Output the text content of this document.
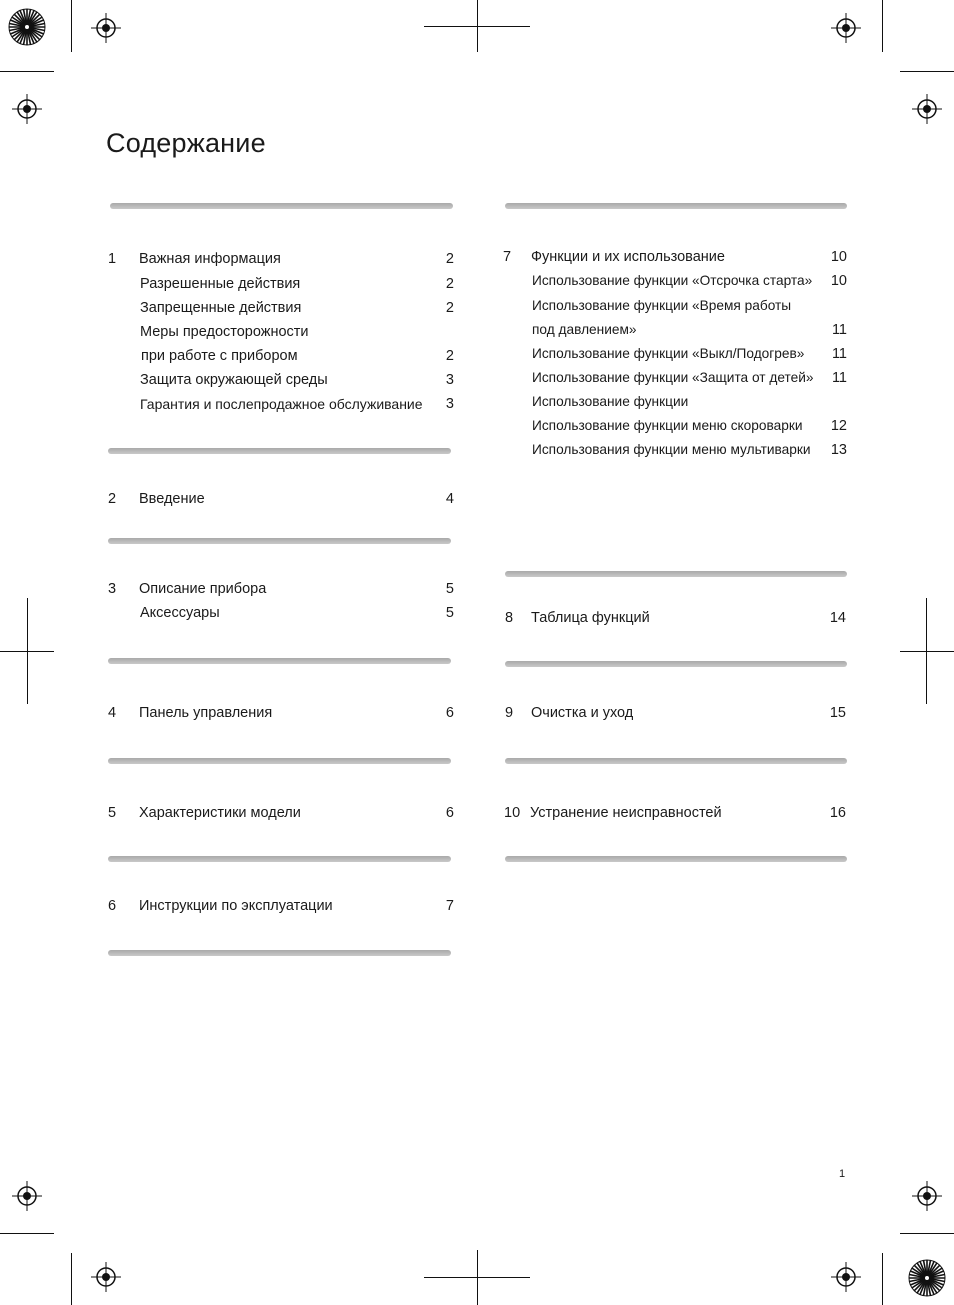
Содержание
1 Важная информация	2
Разрешенные действия	2
Запрещенные действия	2
Меры предосторожности
при работе с прибором	2
Защита окружающей среды	3
Гарантия и послепродажное обслуживание 3
2 Введение	4
3 Описание прибора	5
Аксессуары	5
4 Панель управления	6
5 Характеристики модели	6
6 Инструкции по эксплуатации	7
7 Функции и их использование	10
Использование функции «Отсрочка старта» 10
Использование функции «Время работы
под давлением»	11
Использование функции «Выкл/Подогрев» 11
Использование функции «Защита от детей» 11
Использование функции
Использование функции меню скороварки 12
Использования функции меню мультиварки 13
8 Таблица функций	14
9 Очистка и уход	15
10 Устранение неисправностей	16
1
